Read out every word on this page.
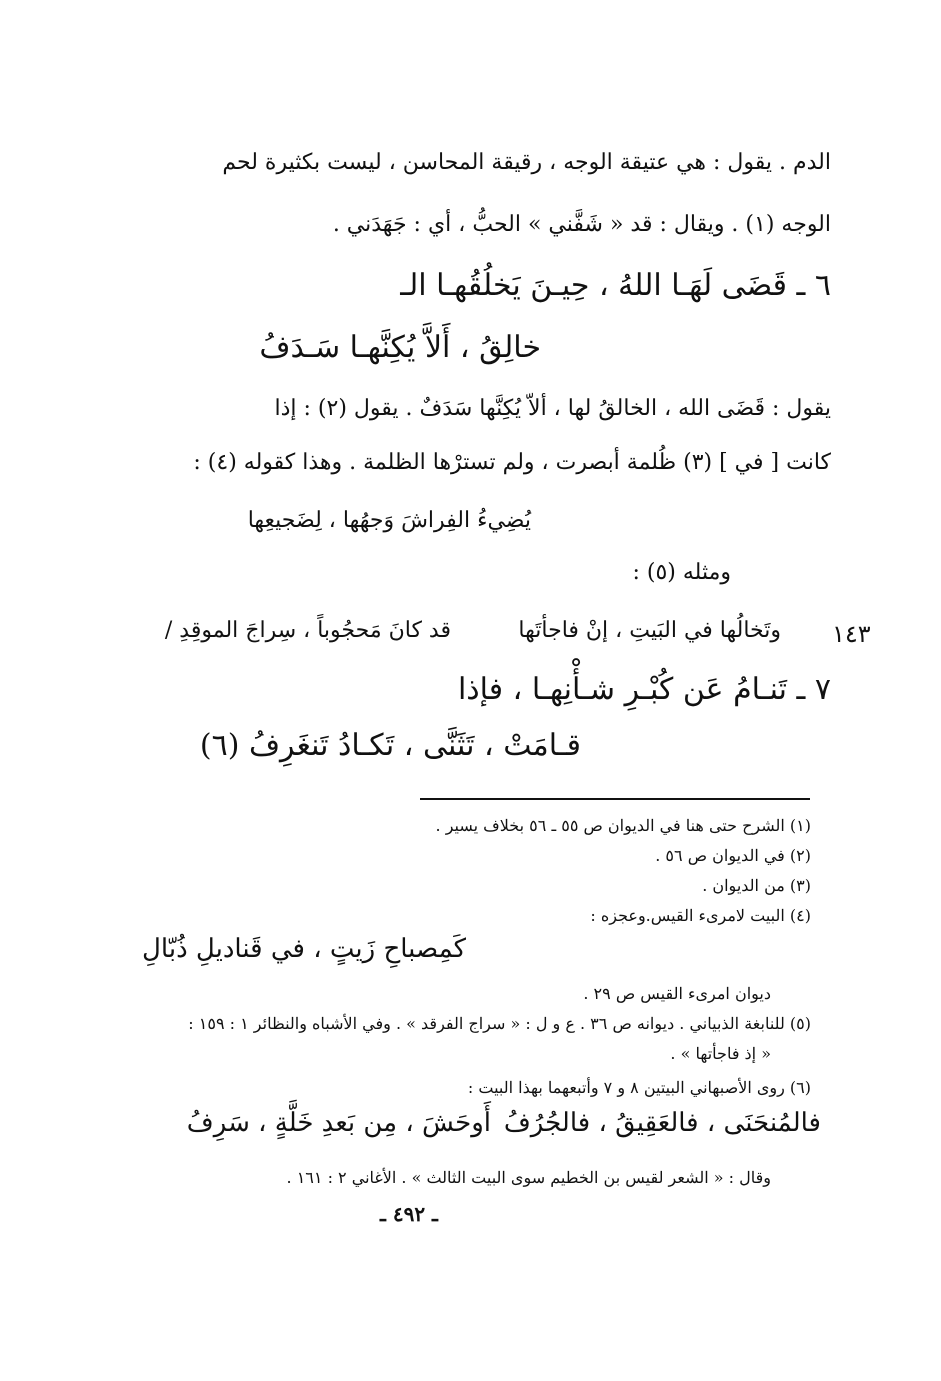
الدم . يقول : هي عتيقة الوجه ، رقيقة المحاسن ، ليست بكثيرة لحم
الوجه (١) . ويقال : قد « شَفَّني » الحبُّ ، أي : جَهَدَني .
٦ ـ قَضَى لَهَـا اللهُ ، حِيـنَ يَخلُقُهـا الـ
خالِقُ ، أَلاَّ يُكِنَّهـا سَـدَفُ
يقول : قَضَى الله ، الخالقُ لها ، ألاّ يُكِنَّها سَدَفٌ . يقول (٢) : إذا
كانت [ في ] (٣) ظُلمة أبصرت ، ولم تسترْها الظلمة . وهذا كقوله (٤) :
يُضِيءُ الفِراشَ وَجهُها ، لِضَجيعِها
ومثله (٥) :
١٤٣
وتَخالُها في البَيتِ ، إنْ فاجأتَها
قد كانَ مَحجُوباً ، سِراجَ الموقِدِ /
٧ ـ تَنـامُ عَن كُبْـرِ شـأْنِهـا ، فإذا
قـامَتْ ، تَثَنَّى ، تَكـادُ تَنغَرِفُ (٦)
(١) الشرح حتى هنا في الديوان ص ٥٥ ـ ٥٦ بخلاف يسير .
(٢) في الديوان ص ٥٦ .
(٣) من الديوان .
(٤) البيت لامرىء القيس.وعجزه :
كَمِصباحِ زَيتٍ ، في قَناديلِ ذُبّالِ
ديوان امرىء القيس ص ٢٩ .
(٥) للنابغة الذبياني . ديوانه ص ٣٦ . ع و ل : « سراج الفرقد » . وفي الأشباه والنظائر ١ : ١٥٩ :
« إذ فاجأتها » .
(٦) روى الأصبهاني البيتين ٨ و ٧ وأتبعهما بهذا البيت :
أَوحَشَ ، مِن بَعدِ خَلَّةٍ ، سَرِفُ فالمُنحَنَى ، فالعَقِيقُ ، فالجُرُفُ
وقال : « الشعر لقيس بن الخطيم سوى البيت الثالث » . الأغاني ٢ : ١٦١ .
ـ ٤٩٢ ـ
